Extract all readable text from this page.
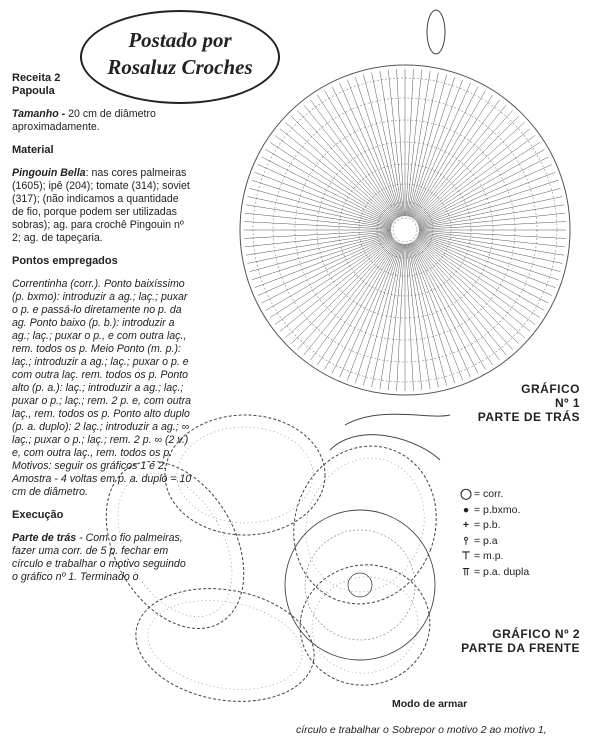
Postado por
Rosaluz Croches
Receita 2
Papoula
Tamanho - 20 cm de diâmetro aproximadamente.
Material
Pingouin Bella: nas cores palmeiras (1605); ipê (204); tomate (314); soviet (317); (não indicamos a quantidade de fio, porque podem ser utilizadas sobras); ag. para crochê Pingouin nº 2; ag. de tapeçaria.
Pontos empregados
Correntinha (corr.). Ponto baixíssimo (p. bxmo): introduzir a ag.; laç.; puxar o p. e passá-lo diretamente no p. da ag. Ponto baixo (p. b.): introduzir a ag.; laç.; puxar o p., e com outra laç., rem. todos os p. Meio Ponto (m. p.): laç.; introduzir a ag.; laç.; puxar o p. e com outra laç. rem. todos os p. Ponto alto (p. a.): laç.; introduzir a ag.; laç.; puxar o p.; laç.; rem. 2 p. e, com outra laç., rem. todos os p. Ponto alto duplo (p. a. duplo): 2 laç.; introduzir a ag.; ∞ laç.; puxar o p.; laç.; rem. 2 p. ∞ (2 v.) e, com outra laç., rem. todos os p. Motivos: seguir os gráficos 1 e 2. Amostra - 4 voltas em p. a. duplo = 10 cm de diâmetro.
Execução
Parte de trás - Com o fio palmeiras, fazer uma corr. de 5 p. fechar em círculo e trabalhar o motivo seguindo o gráfico nº 1. Terminado o
GRÁFICO
Nº 1
PARTE DE TRÁS
GRÁFICO Nº 2
PARTE DA FRENTE
◯ = corr.
● = p.bxmo.
+ = p.b.
⫯ = p.a
⊤ = m.p.
⫪ = p.a. dupla
Modo de armar
círculo e trabalhar o Sobrepor o motivo 2 ao motivo 1,
